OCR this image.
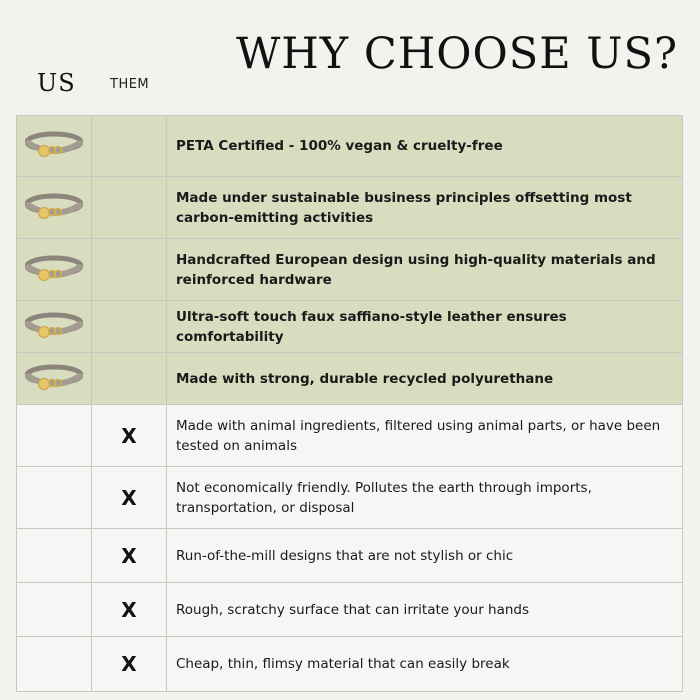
WHY CHOOSE US?
US	THEM
PETA Certified - 100% vegan & cruelty-free
Made under sustainable business principles offsetting most carbon-emitting activities
Handcrafted European design using high-quality materials and reinforced hardware
Ultra-soft touch faux saffiano-style leather ensures comfortability
Made with strong, durable recycled polyurethane
X	Made with animal ingredients, filtered using animal parts, or have been tested on animals
X	Not economically friendly. Pollutes the earth through imports, transportation, or disposal
X	Run-of-the-mill designs that are not stylish or chic
X	Rough, scratchy surface that can irritate your hands
X	Cheap, thin, flimsy material that can easily break
